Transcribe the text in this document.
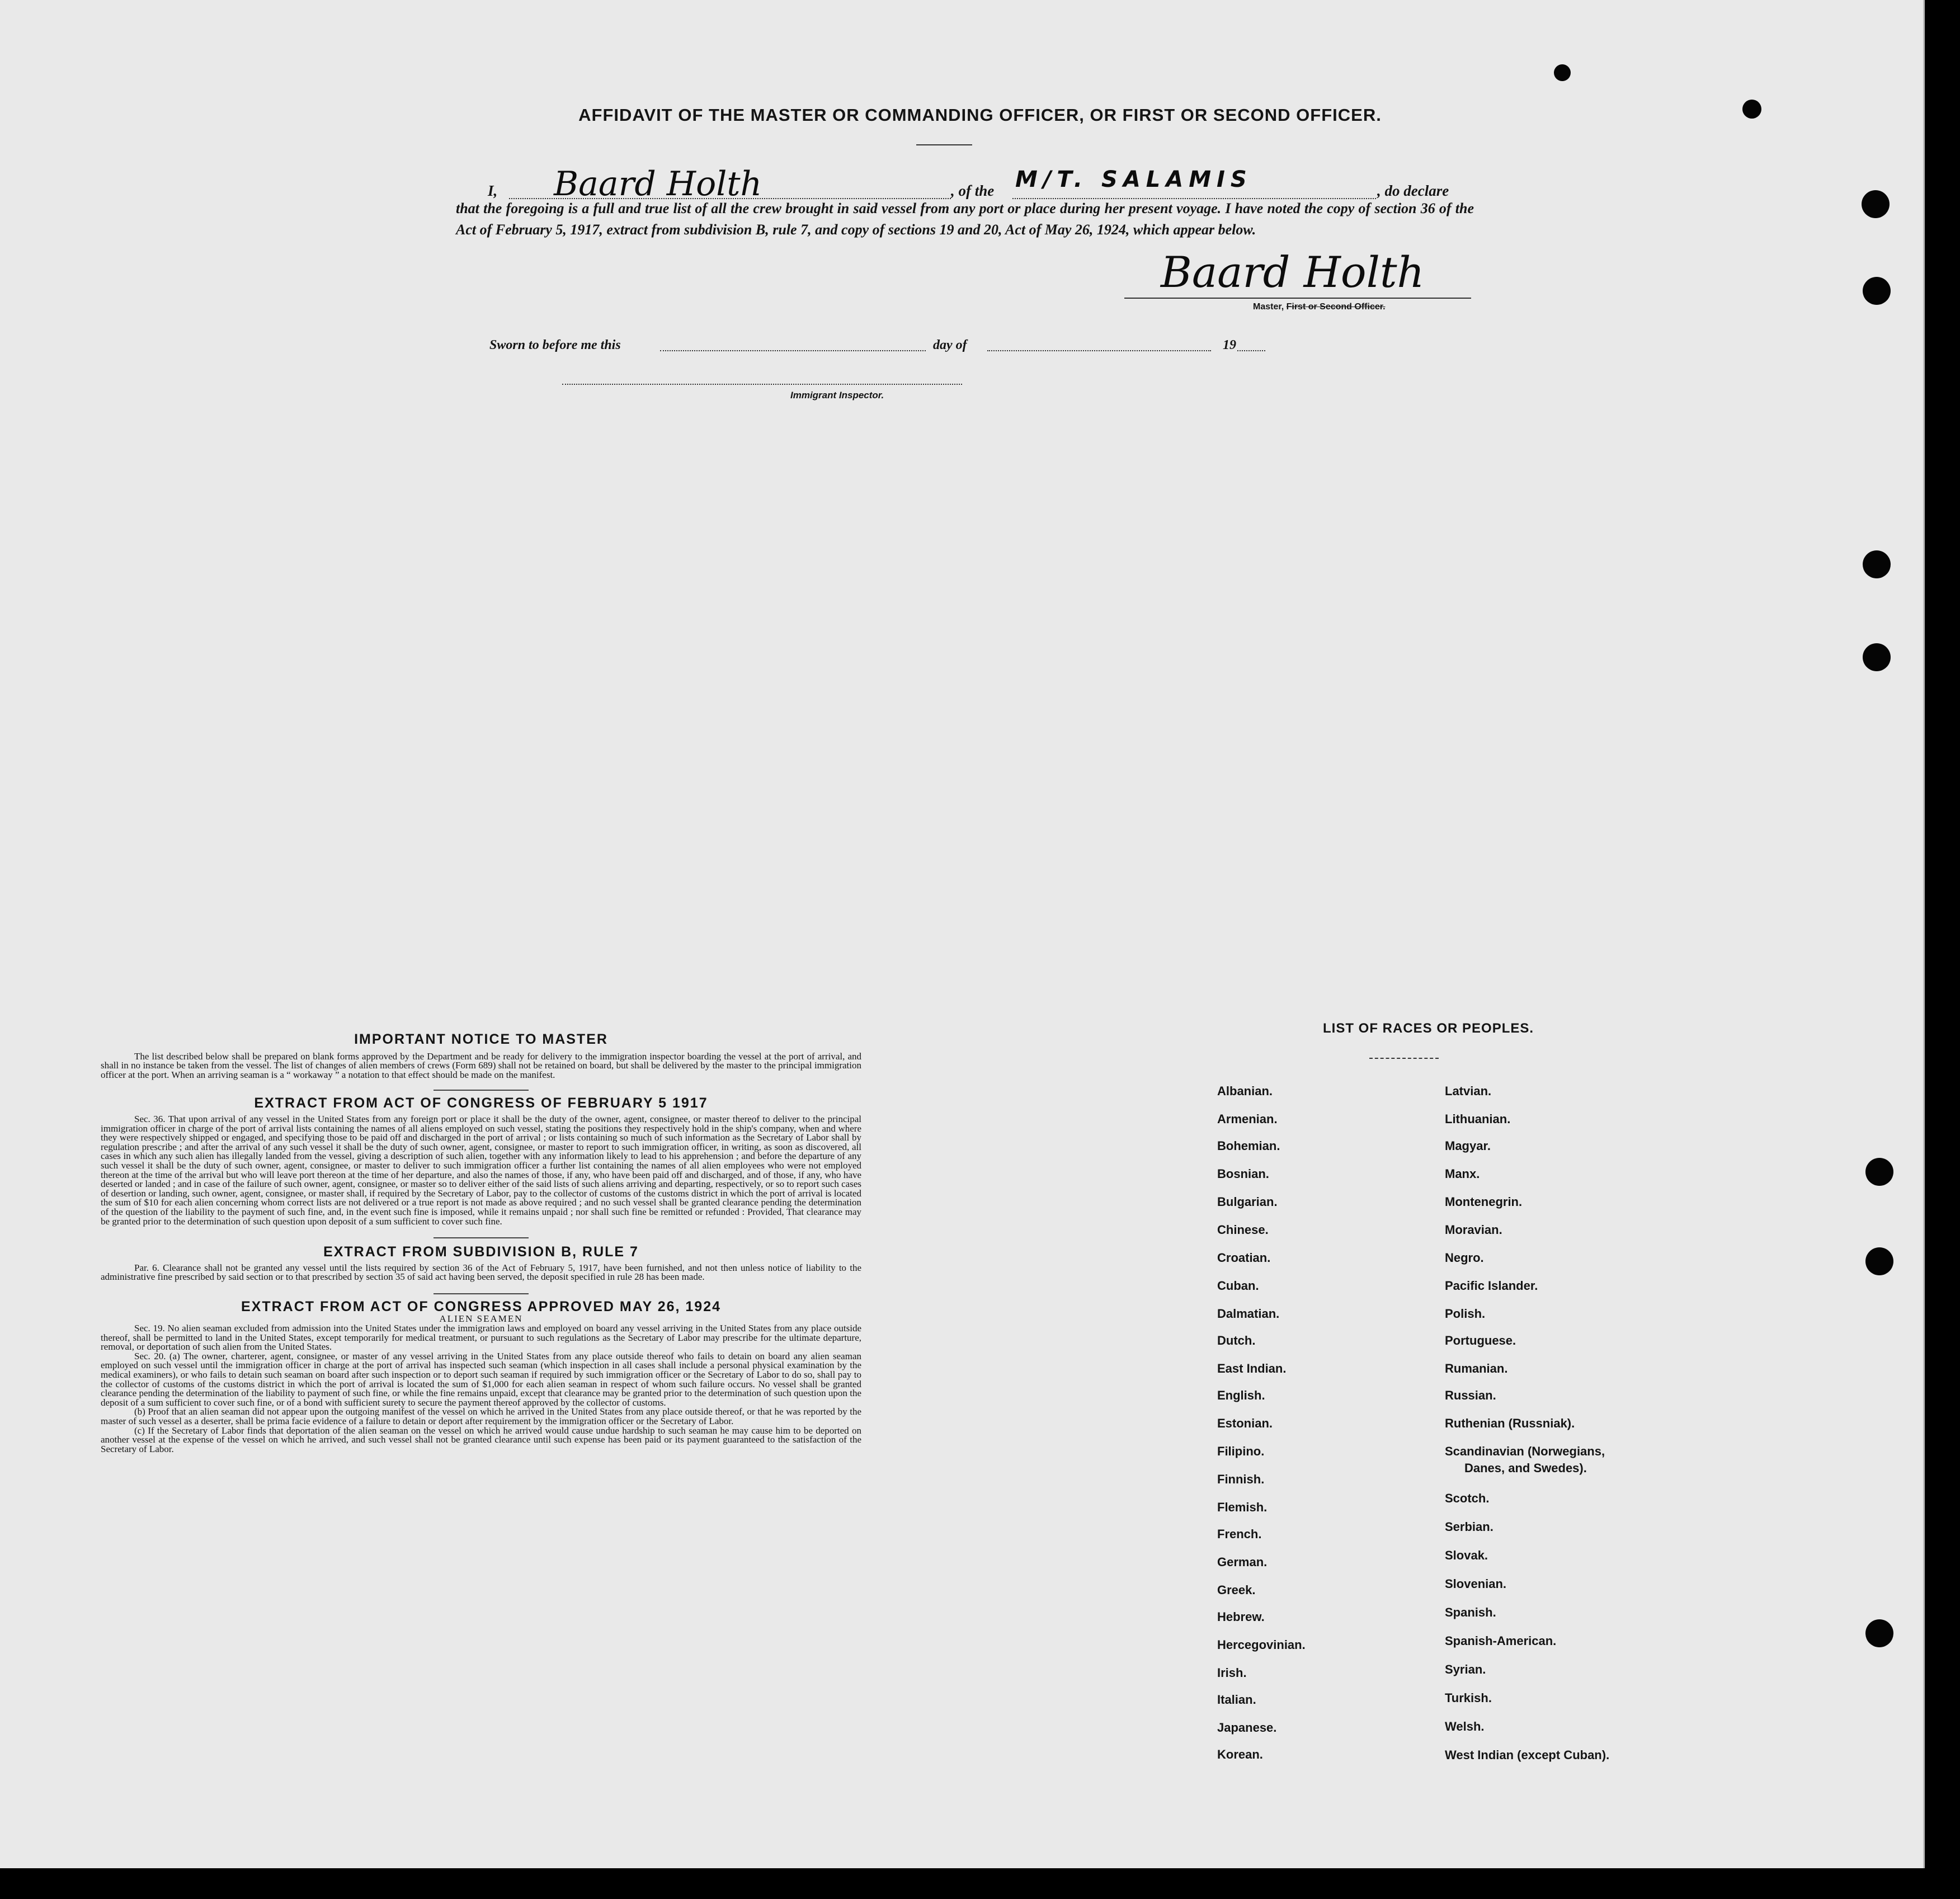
AFFIDAVIT OF THE MASTER OR COMMANDING OFFICER, OR FIRST OR SECOND OFFICER.
I, Baard Holth	, of the M/T. SALAMIS	, do declare
that the foregoing is a full and true list of all the crew brought in said vessel from any port or place during her present voyage. I have noted the copy of section 36 of the Act of February 5, 1917, extract from subdivision B, rule 7, and copy of sections 19 and 20, Act of May 26, 1924, which appear below.
Baard Holth
Master, First or Second Officer.
Sworn to before me this	day of	19
Immigrant Inspector.

IMPORTANT NOTICE TO MASTER

The list described below shall be prepared on blank forms approved by the Department and be ready for delivery to the immigration inspector boarding the vessel at the port of arrival, and shall in no instance be taken from the vessel. The list of changes of alien members of crews (Form 689) shall not be retained on board, but shall be delivered by the master to the principal immigration officer at the port. When an arriving seaman is a “ workaway ” a notation to that effect should be made on the manifest.

EXTRACT FROM ACT OF CONGRESS OF FEBRUARY 5 1917

Sec. 36. That upon arrival of any vessel in the United States from any foreign port or place it shall be the duty of the owner, agent, consignee, or master thereof to deliver to the principal immigration officer in charge of the port of arrival lists containing the names of all aliens employed on such vessel, stating the positions they respectively hold in the ship's company, when and where they were respectively shipped or engaged, and specifying those to be paid off and discharged in the port of arrival ; or lists containing so much of such information as the Secretary of Labor shall by regulation prescribe ; and after the arrival of any such vessel it shall be the duty of such owner, agent, consignee, or master to report to such immigration officer, in writing, as soon as discovered, all cases in which any such alien has illegally landed from the vessel, giving a description of such alien, together with any information likely to lead to his apprehension ; and before the departure of any such vessel it shall be the duty of such owner, agent, consignee, or master to deliver to such immigration officer a further list containing the names of all alien employees who were not employed thereon at the time of the arrival but who will leave port thereon at the time of her departure, and also the names of those, if any, who have been paid off and discharged, and of those, if any, who have deserted or landed ; and in case of the failure of such owner, agent, consignee, or master so to deliver either of the said lists of such aliens arriving and departing, respectively, or so to report such cases of desertion or landing, such owner, agent, consignee, or master shall, if required by the Secretary of Labor, pay to the collector of customs of the customs district in which the port of arrival is located the sum of $10 for each alien concerning whom correct lists are not delivered or a true report is not made as above required ; and no such vessel shall be granted clearance pending the determination of the question of the liability to the payment of such fine, and, in the event such fine is imposed, while it remains unpaid ; nor shall such fine be remitted or refunded : Provided, That clearance may be granted prior to the determination of such question upon deposit of a sum sufficient to cover such fine.

EXTRACT FROM SUBDIVISION B, RULE 7

Par. 6. Clearance shall not be granted any vessel until the lists required by section 36 of the Act of February 5, 1917, have been furnished, and not then unless notice of liability to the administrative fine prescribed by said section or to that prescribed by section 35 of said act having been served, the deposit specified in rule 28 has been made.

EXTRACT FROM ACT OF CONGRESS APPROVED MAY 26, 1924

ALIEN SEAMEN

Sec. 19. No alien seaman excluded from admission into the United States under the immigration laws and employed on board any vessel arriving in the United States from any place outside thereof, shall be permitted to land in the United States, except temporarily for medical treatment, or pursuant to such regulations as the Secretary of Labor may prescribe for the ultimate departure, removal, or deportation of such alien from the United States.

Sec. 20. (a) The owner, charterer, agent, consignee, or master of any vessel arriving in the United States from any place outside thereof who fails to detain on board any alien seaman employed on such vessel until the immigration officer in charge at the port of arrival has inspected such seaman (which inspection in all cases shall include a personal physical examination by the medical examiners), or who fails to detain such seaman on board after such inspection or to deport such seaman if required by such immigration officer or the Secretary of Labor to do so, shall pay to the collector of customs of the customs district in which the port of arrival is located the sum of $1,000 for each alien seaman in respect of whom such failure occurs. No vessel shall be granted clearance pending the determination of the liability to payment of such fine, or while the fine remains unpaid, except that clearance may be granted prior to the determination of such question upon the deposit of a sum sufficient to cover such fine, or of a bond with sufficient surety to secure the payment thereof approved by the collector of customs.

(b) Proof that an alien seaman did not appear upon the outgoing manifest of the vessel on which he arrived in the United States from any place outside thereof, or that he was reported by the master of such vessel as a deserter, shall be prima facie evidence of a failure to detain or deport after requirement by the immigration officer or the Secretary of Labor.

(c) If the Secretary of Labor finds that deportation of the alien seaman on the vessel on which he arrived would cause undue hardship to such seaman he may cause him to be deported on another vessel at the expense of the vessel on which he arrived, and such vessel shall not be granted clearance until such expense has been paid or its payment guaranteed to the satisfaction of the Secretary of Labor.

LIST OF RACES OR PEOPLES.
Albanian.
Armenian.
Bohemian.
Bosnian.
Bulgarian.
Chinese.
Croatian.
Cuban.
Dalmatian.
Dutch.
East Indian.
English.
Estonian.
Filipino.
Finnish.
Flemish.
French.
German.
Greek.
Hebrew.
Hercegovinian.
Irish.
Italian.
Japanese.
Korean.
Latvian.
Lithuanian.
Magyar.
Manx.
Montenegrin.
Moravian.
Negro.
Pacific Islander.
Polish.
Portuguese.
Rumanian.
Russian.
Ruthenian (Russniak).
Scandinavian (Norwegians,
Danes, and Swedes).
Scotch.
Serbian.
Slovak.
Slovenian.
Spanish.
Spanish-American.
Syrian.
Turkish.
Welsh.
West Indian (except Cuban).
